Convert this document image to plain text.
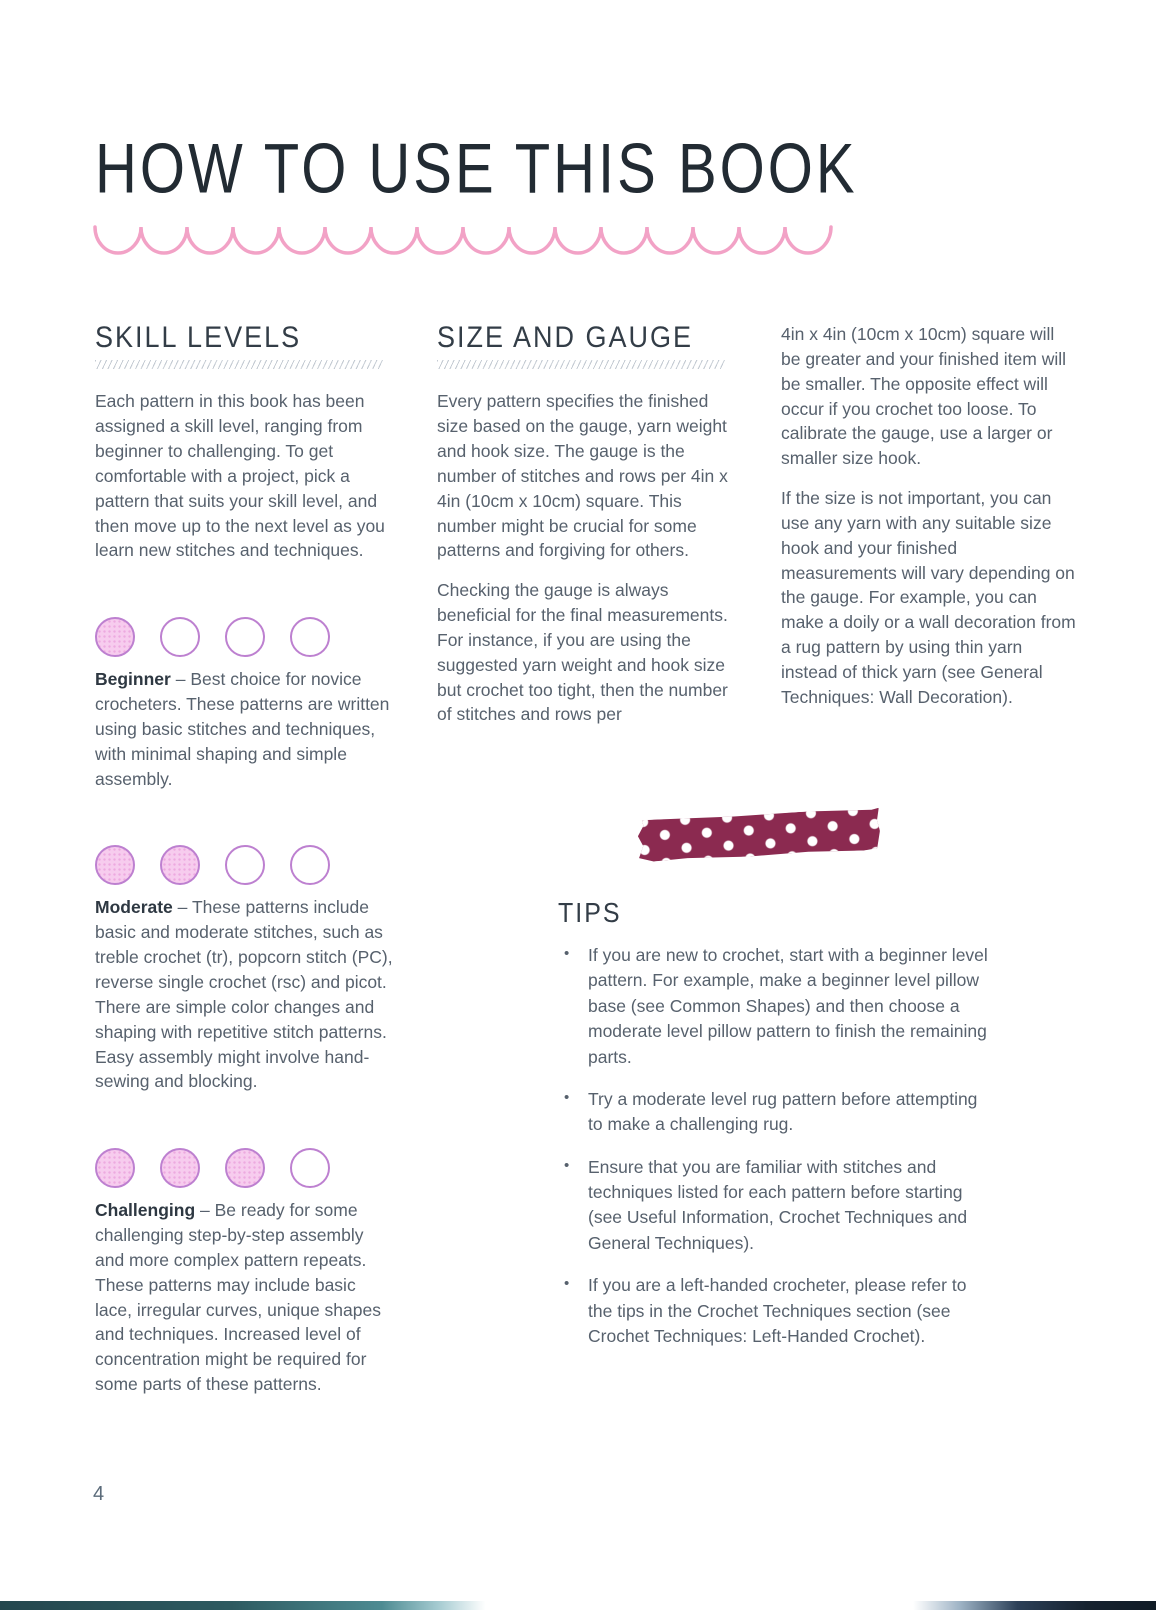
HOW TO USE THIS BOOK
SKILL LEVELS

Each pattern in this book has been assigned a skill level, ranging from beginner to challenging. To get comfortable with a project, pick a pattern that suits your skill level, and then move up to the next level as you learn new stitches and techniques.

Beginner – Best choice for novice crocheters. These patterns are written using basic stitches and techniques, with minimal shaping and simple assembly.

Moderate – These patterns include basic and moderate stitches, such as treble crochet (tr), popcorn stitch (PC), reverse single crochet (rsc) and picot. There are simple color changes and shaping with repetitive stitch patterns. Easy assembly might involve hand-sewing and blocking.

Challenging – Be ready for some challenging step-by-step assembly and more complex pattern repeats. These patterns may include basic lace, irregular curves, unique shapes and techniques. Increased level of concentration might be required for some parts of these patterns.

SIZE AND GAUGE

Every pattern specifies the finished size based on the gauge, yarn weight and hook size. The gauge is the number of stitches and rows per 4in x 4in (10cm x 10cm) square. This number might be crucial for some patterns and forgiving for others.

Checking the gauge is always beneficial for the final measurements. For instance, if you are using the suggested yarn weight and hook size but crochet too tight, then the number of stitches and rows per

4in x 4in (10cm x 10cm) square will be greater and your finished item will be smaller. The opposite effect will occur if you crochet too loose. To calibrate the gauge, use a larger or smaller size hook.

If the size is not important, you can use any yarn with any suitable size hook and your finished measurements will vary depending on the gauge. For example, you can make a doily or a wall decoration from a rug pattern by using thin yarn instead of thick yarn (see General Techniques: Wall Decoration).

TIPS
• If you are new to crochet, start with a beginner level pattern. For example, make a beginner level pillow base (see Common Shapes) and then choose a moderate level pillow pattern to finish the remaining parts.
• Try a moderate level rug pattern before attempting to make a challenging rug.
• Ensure that you are familiar with stitches and techniques listed for each pattern before starting (see Useful Information, Crochet Techniques and General Techniques).
• If you are a left-handed crocheter, please refer to the tips in the Crochet Techniques section (see Crochet Techniques: Left-Handed Crochet).
4
